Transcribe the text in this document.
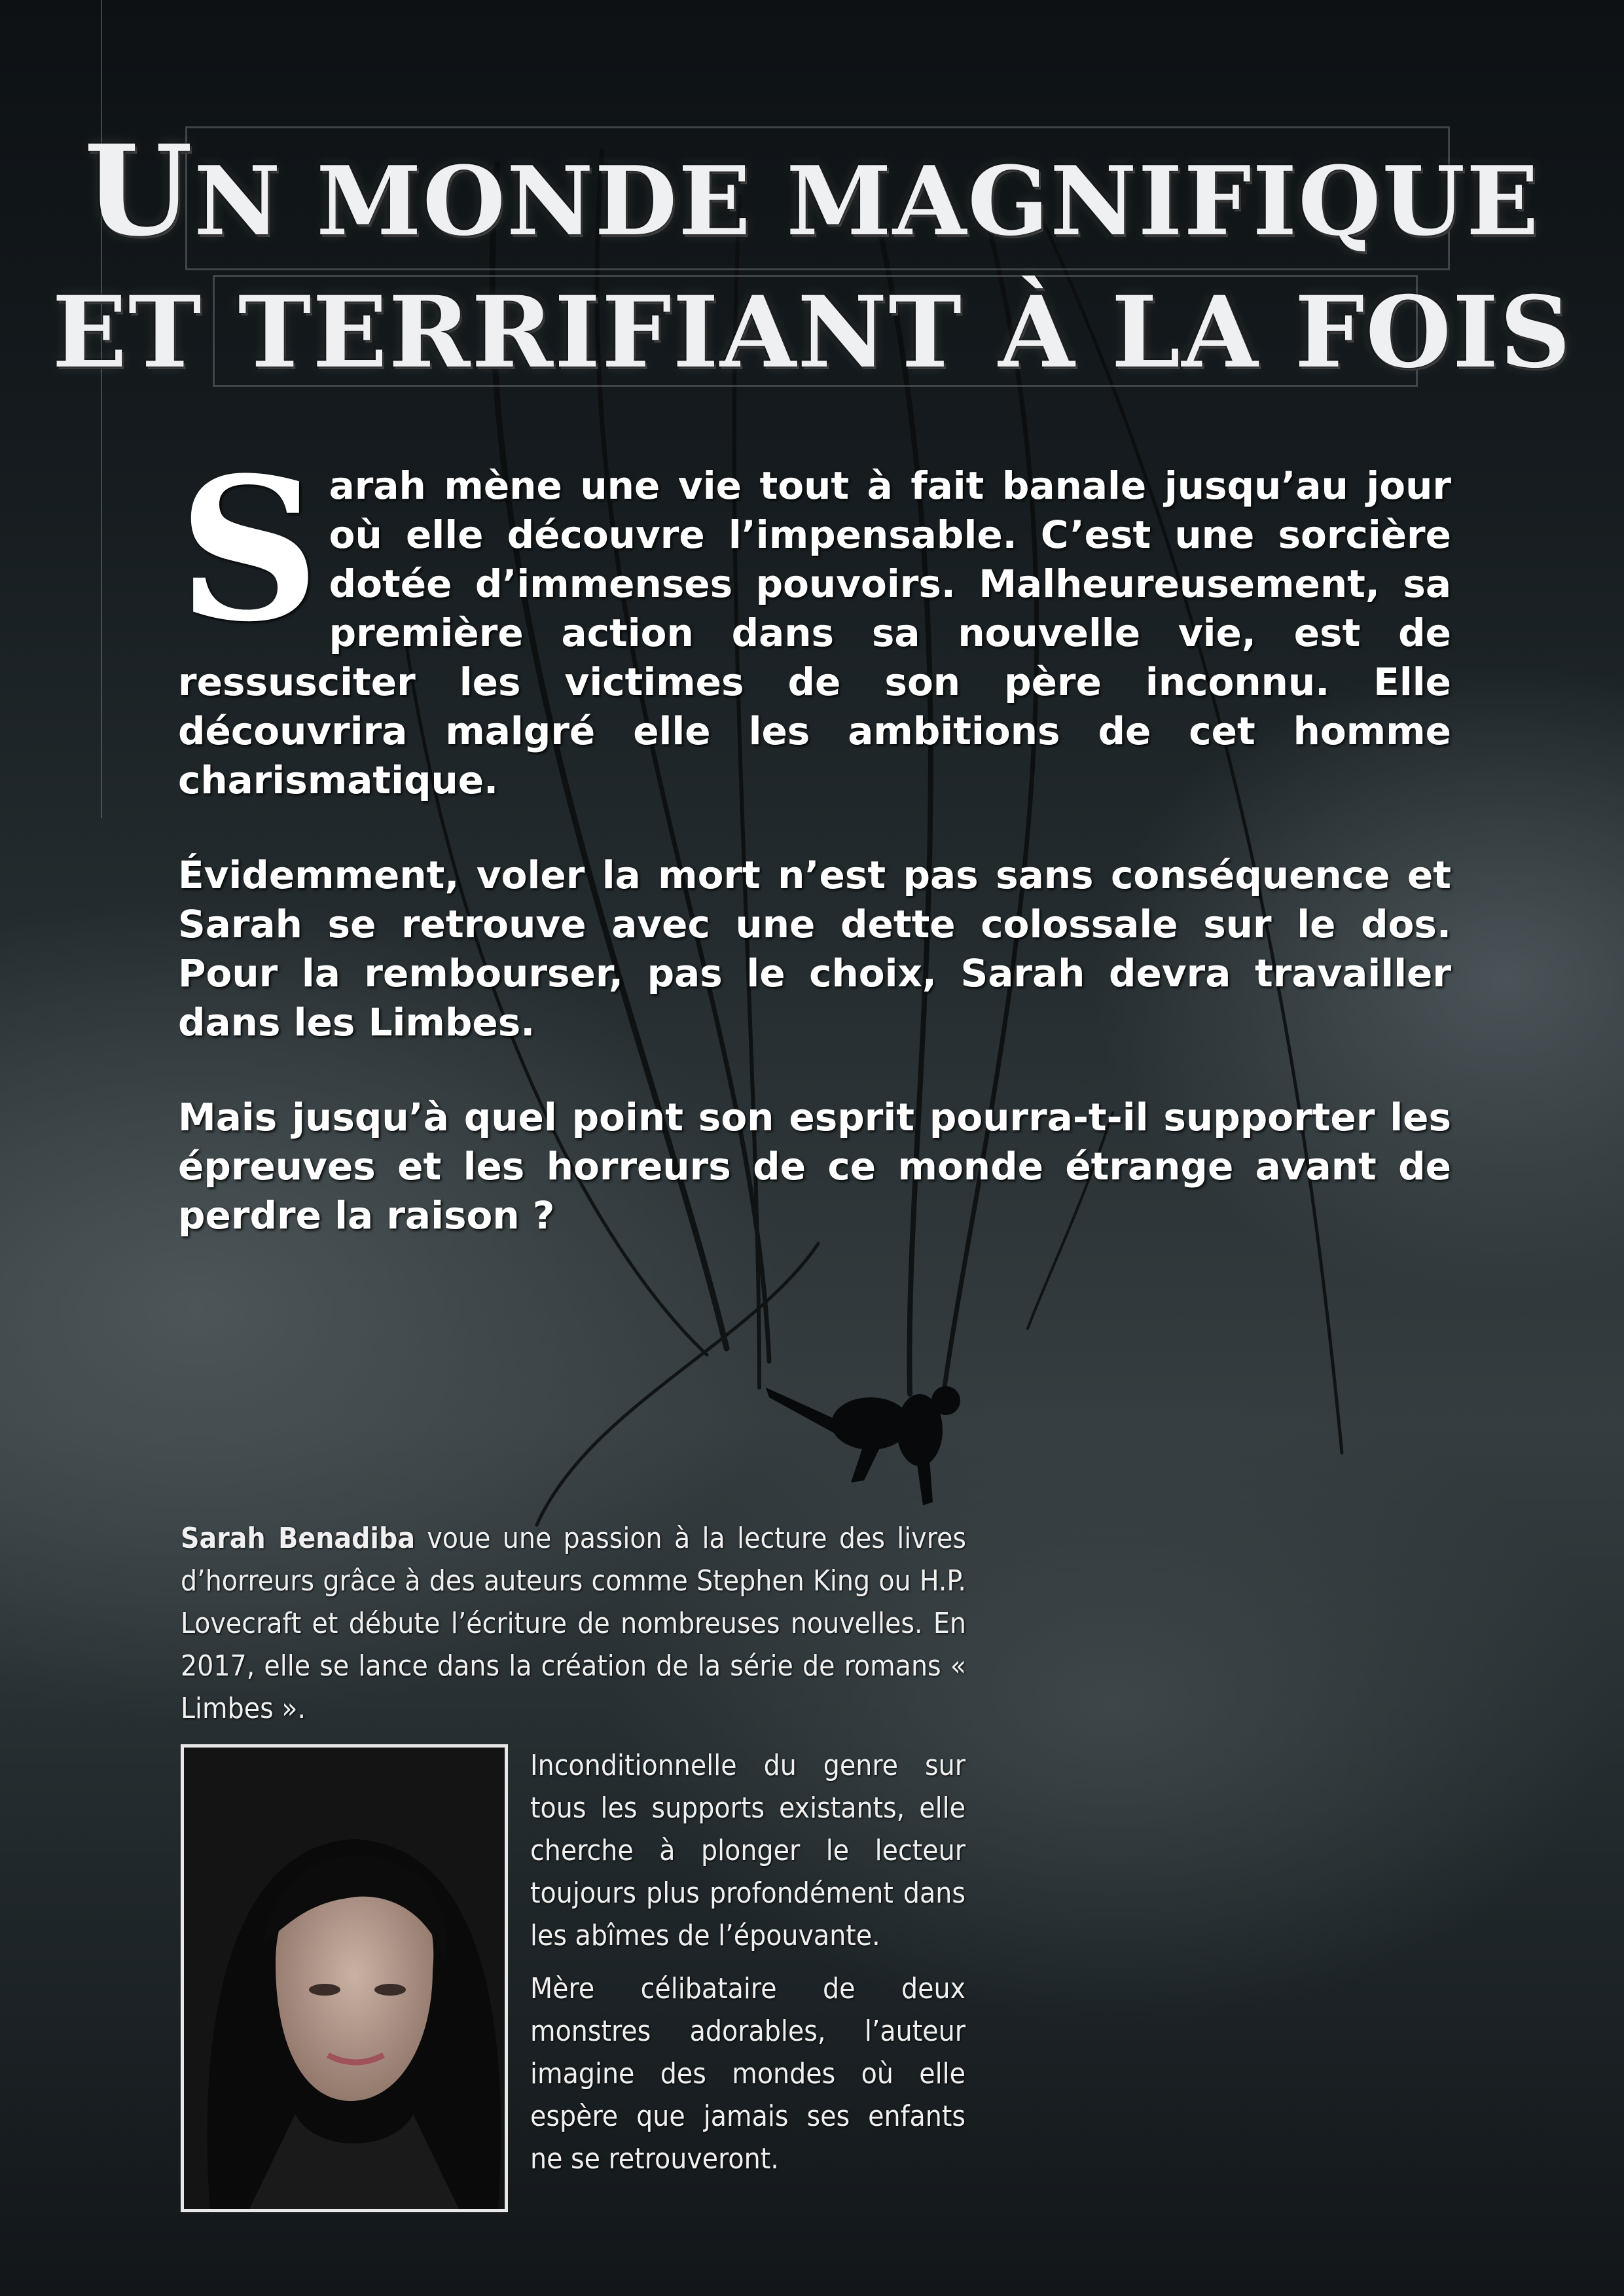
UN MONDE MAGNIFIQUE
ET TERRIFIANT À LA FOIS

Sarah mène une vie tout à fait banale jusqu’au jour où elle découvre l’impensable. C’est une sorcière dotée d’immenses pouvoirs. Malheureusement, sa première action dans sa nouvelle vie, est de ressusciter les victimes de son père inconnu. Elle découvrira malgré elle les ambitions de cet homme charismatique.

Évidemment, voler la mort n’est pas sans conséquence et Sarah se retrouve avec une dette colossale sur le dos. Pour la rembourser, pas le choix, Sarah devra travailler dans les Limbes.

Mais jusqu’à quel point son esprit pourra-t-il supporter les épreuves et les horreurs de ce monde étrange avant de perdre la raison ?

Sarah Benadiba voue une passion à la lecture des livres d’horreurs grâce à des auteurs comme Stephen King ou H.P. Lovecraft et débute l’écriture de nombreuses nouvelles. En 2017, elle se lance dans la création de la série de romans « Limbes ».

Inconditionnelle du genre sur tous les supports existants, elle cherche à plonger le lecteur toujours plus profondément dans les abîmes de l’épouvante.

Mère célibataire de deux monstres adorables, l’auteur imagine des mondes où elle espère que jamais ses enfants ne se retrouveront.
